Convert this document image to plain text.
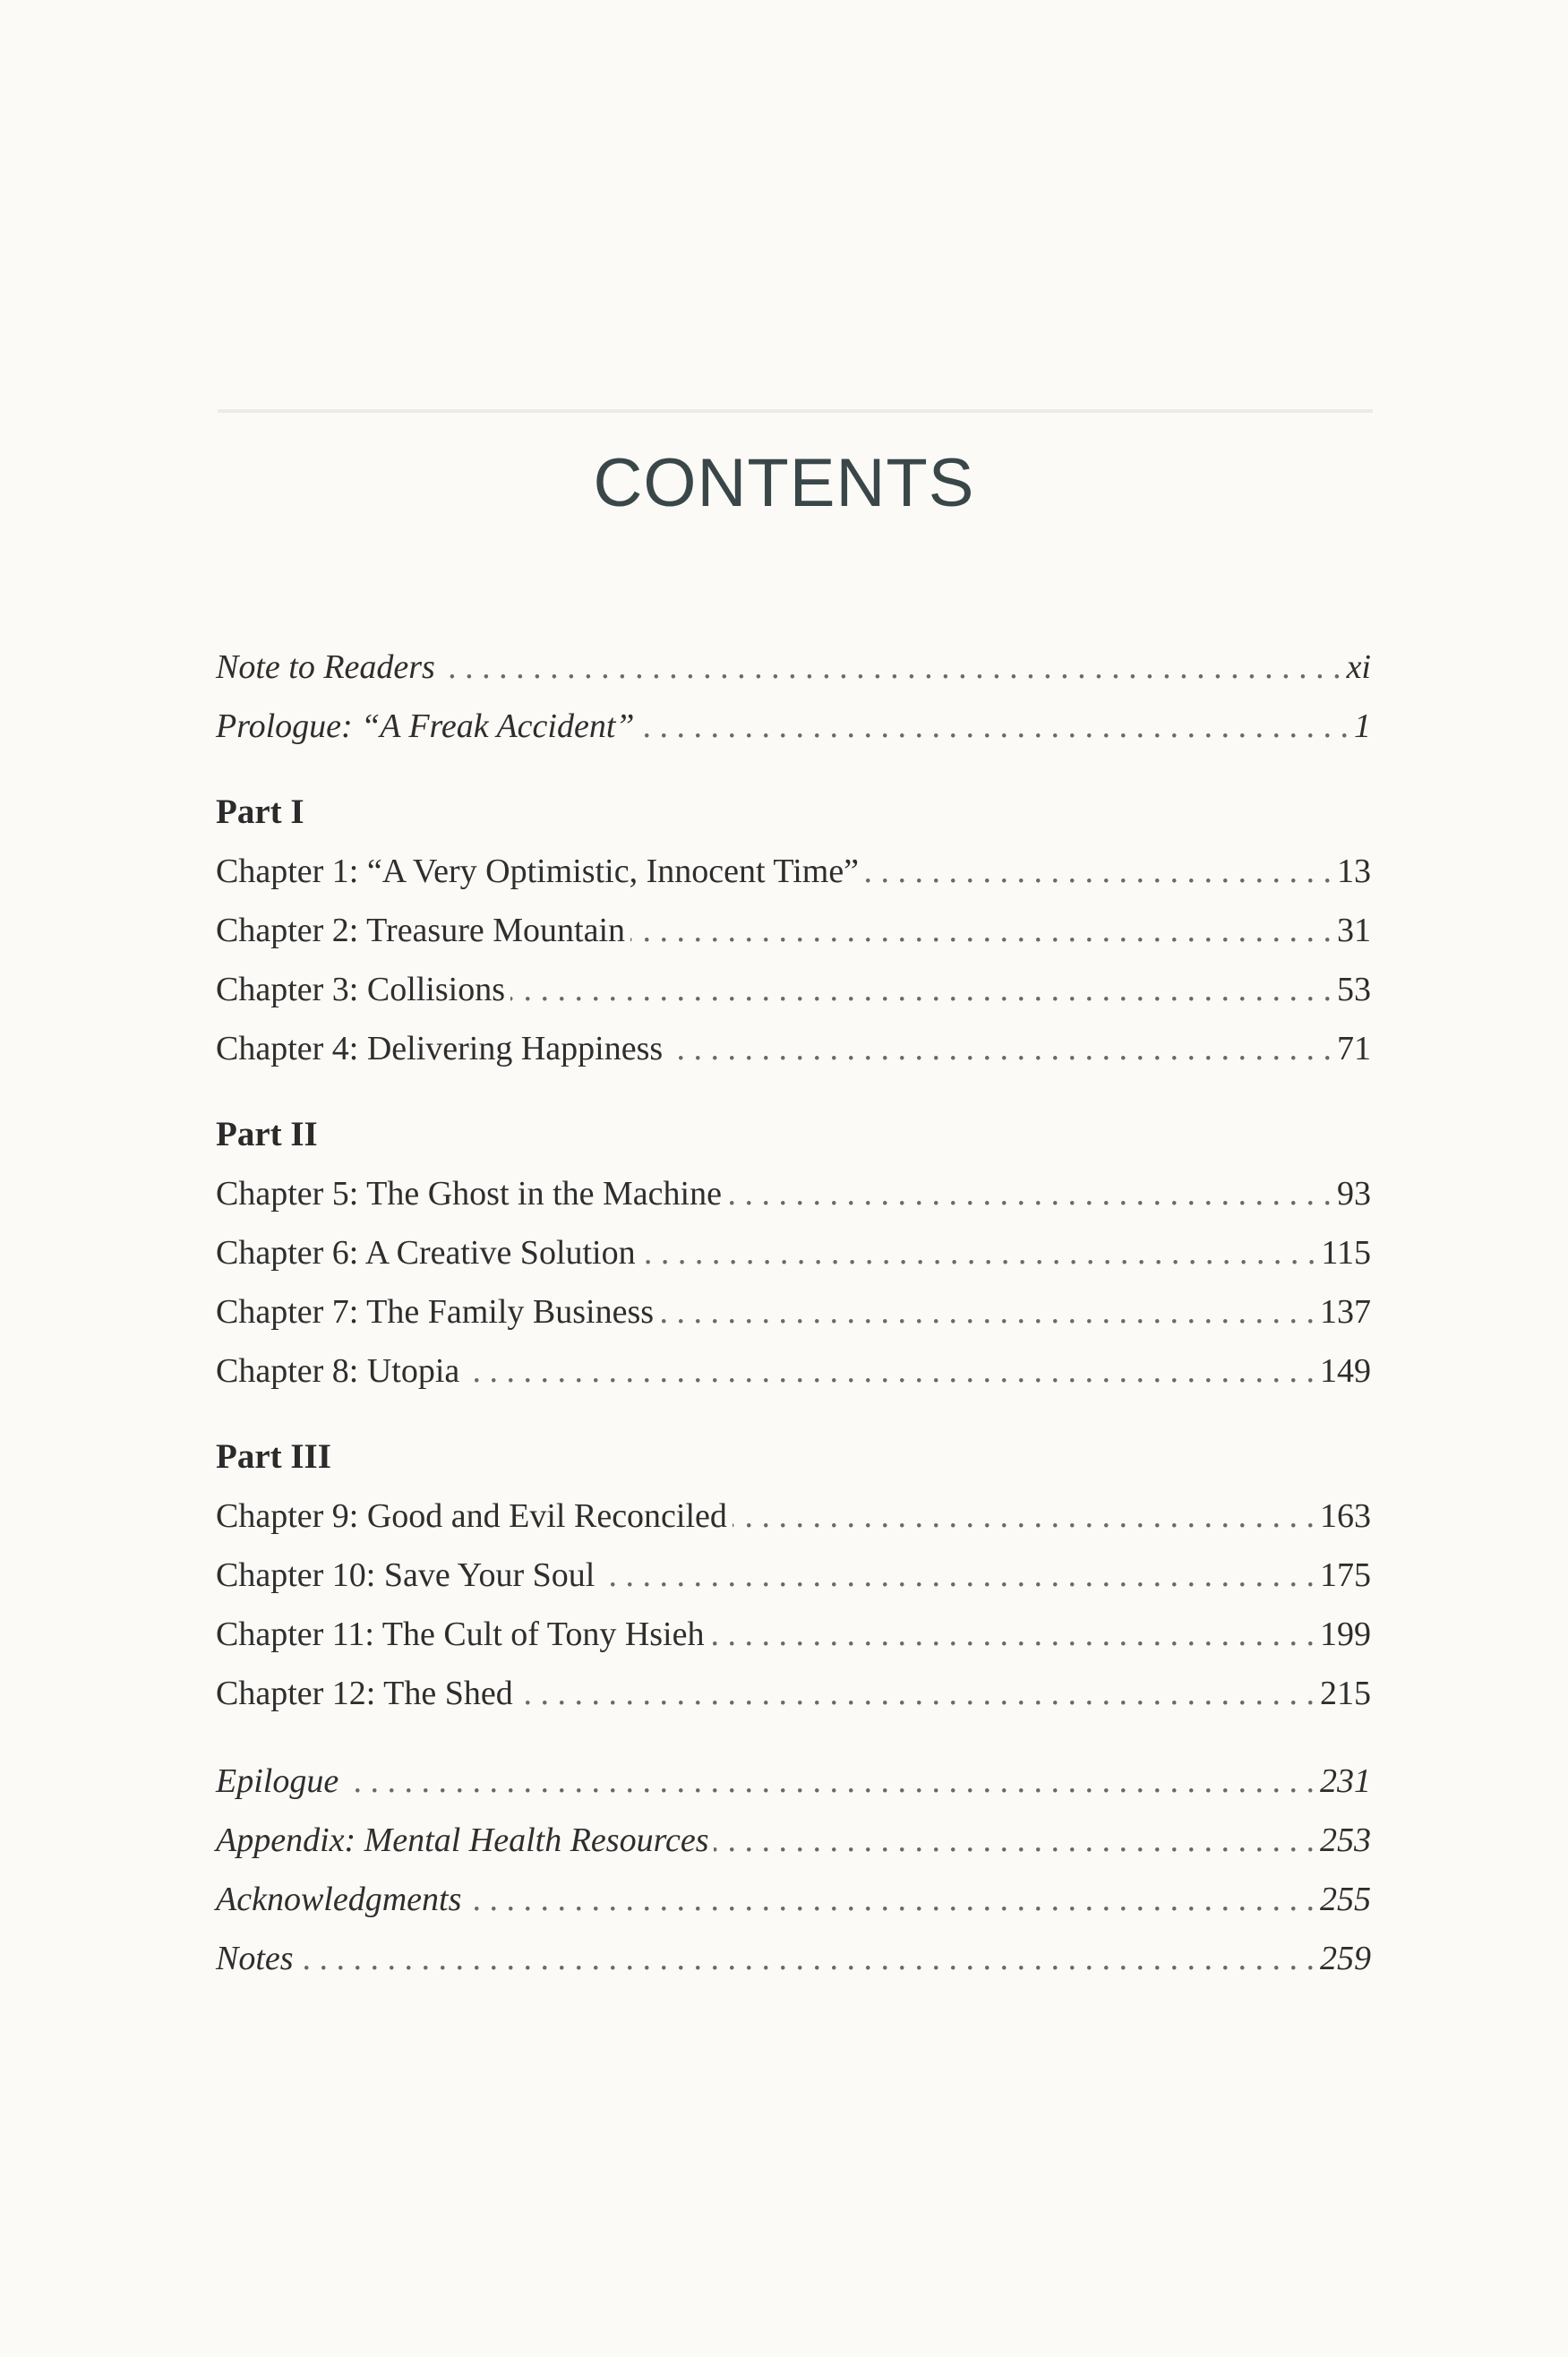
CONTENTS
Note to Readers . . .	xi
Prologue: “A Freak Accident” . . .	1
Part I
Chapter 1: “A Very Optimistic, Innocent Time” . . .	13
Chapter 2: Treasure Mountain . . .	31
Chapter 3: Collisions . . .	53
Chapter 4: Delivering Happiness . . .	71
Part II
Chapter 5: The Ghost in the Machine . . .	93
Chapter 6: A Creative Solution . . .	115
Chapter 7: The Family Business . . .	137
Chapter 8: Utopia . . .	149
Part III
Chapter 9: Good and Evil Reconciled . . .	163
Chapter 10: Save Your Soul . . .	175
Chapter 11: The Cult of Tony Hsieh . . .	199
Chapter 12: The Shed . . .	215
Epilogue . . .	231
Appendix: Mental Health Resources . . .	253
Acknowledgments . . .	255
Notes . . .	259
